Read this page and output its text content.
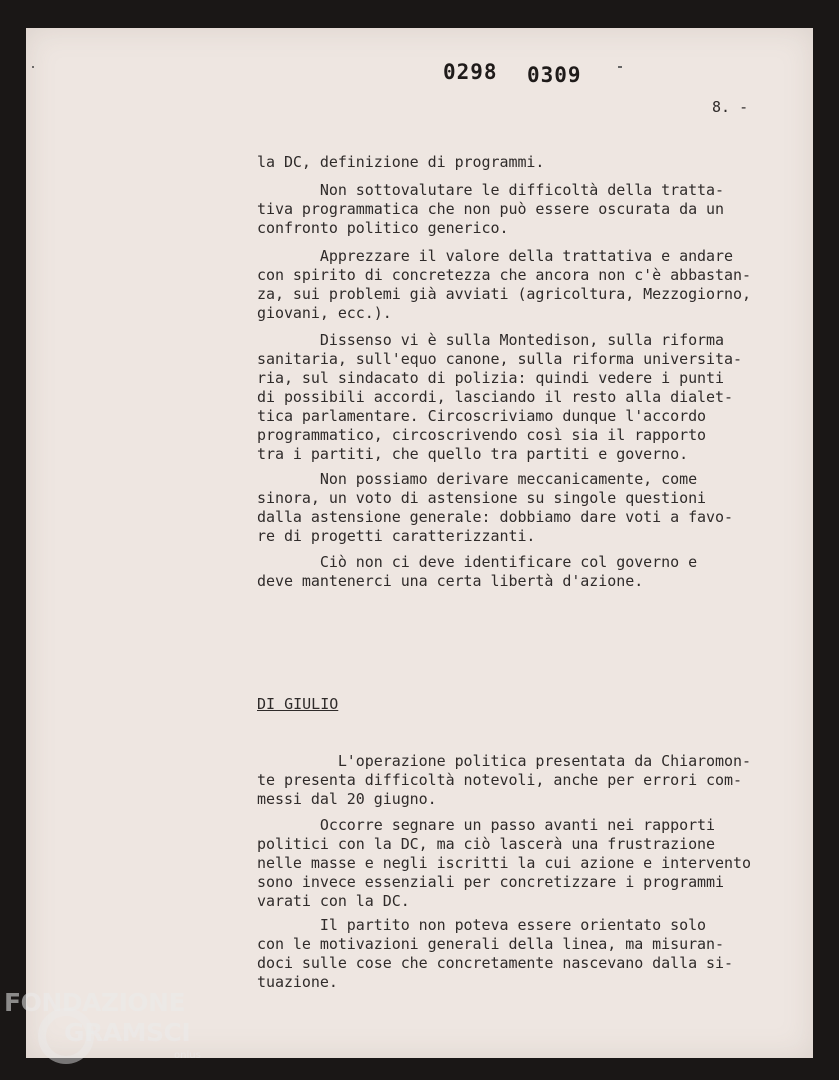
0298 0309
8. -
la DC, definizione di programmi.
Non sottovalutare le difficoltà della tratta-
tiva programmatica che non può essere oscurata da un
confronto politico generico.
Apprezzare il valore della trattativa e andare
con spirito di concretezza che ancora non c'è abbastan-
za, sui problemi già avviati (agricoltura, Mezzogiorno,
giovani, ecc.).
Dissenso vi è sulla Montedison, sulla riforma
sanitaria, sull'equo canone, sulla riforma universita-
ria, sul sindacato di polizia: quindi vedere i punti
di possibili accordi, lasciando il resto alla dialet-
tica parlamentare. Circoscriviamo dunque l'accordo
programmatico, circoscrivendo così sia il rapporto
tra i partiti, che quello tra partiti e governo.
Non possiamo derivare meccanicamente, come
sinora, un voto di astensione su singole questioni
dalla astensione generale: dobbiamo dare voti a favo-
re di progetti caratterizzanti.
Ciò non ci deve identificare col governo e
deve mantenerci una certa libertà d'azione.
DI GIULIO
L'operazione politica presentata da Chiaromon-
te presenta difficoltà notevoli, anche per errori com-
messi dal 20 giugno.
Occorre segnare un passo avanti nei rapporti
politici con la DC, ma ciò lascerà una frustrazione
nelle masse e negli iscritti la cui azione e intervento
sono invece essenziali per concretizzare i programmi
varati con la DC.
Il partito non poteva essere orientato solo
con le motivazioni generali della linea, ma misuran-
doci sulle cose che concretamente nascevano dalla si-
tuazione.
FONDAZIONE
GRAMSCI
onlus
